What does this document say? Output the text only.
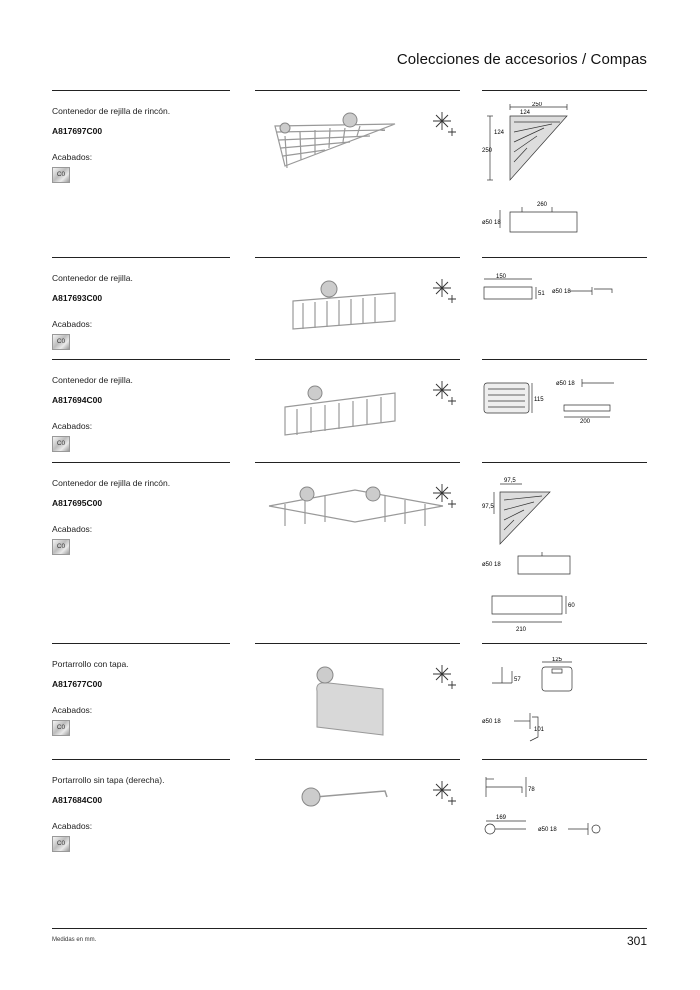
Colecciones de accesorios / Compas
Contenedor de rejilla de rincón.
A817697C00
Acabados:
C0
250
124
124
250
260
ø50 18
Contenedor de rejilla.
A817693C00
Acabados:
C0
150
51 ø50 18
Contenedor de rejilla.
A817694C00
Acabados:
C0
115
200
ø50 18
Contenedor de rejilla de rincón.
A817695C00
Acabados:
C0
97,5
97,5
60
210
ø50 18
Portarrollo con tapa.
A817677C00
Acabados:
C0
125
57
101
ø50 18
Portarrollo sin tapa (derecha).
A817684C00
Acabados:
C0
78
169
ø50 18
Medidas en mm.	301
